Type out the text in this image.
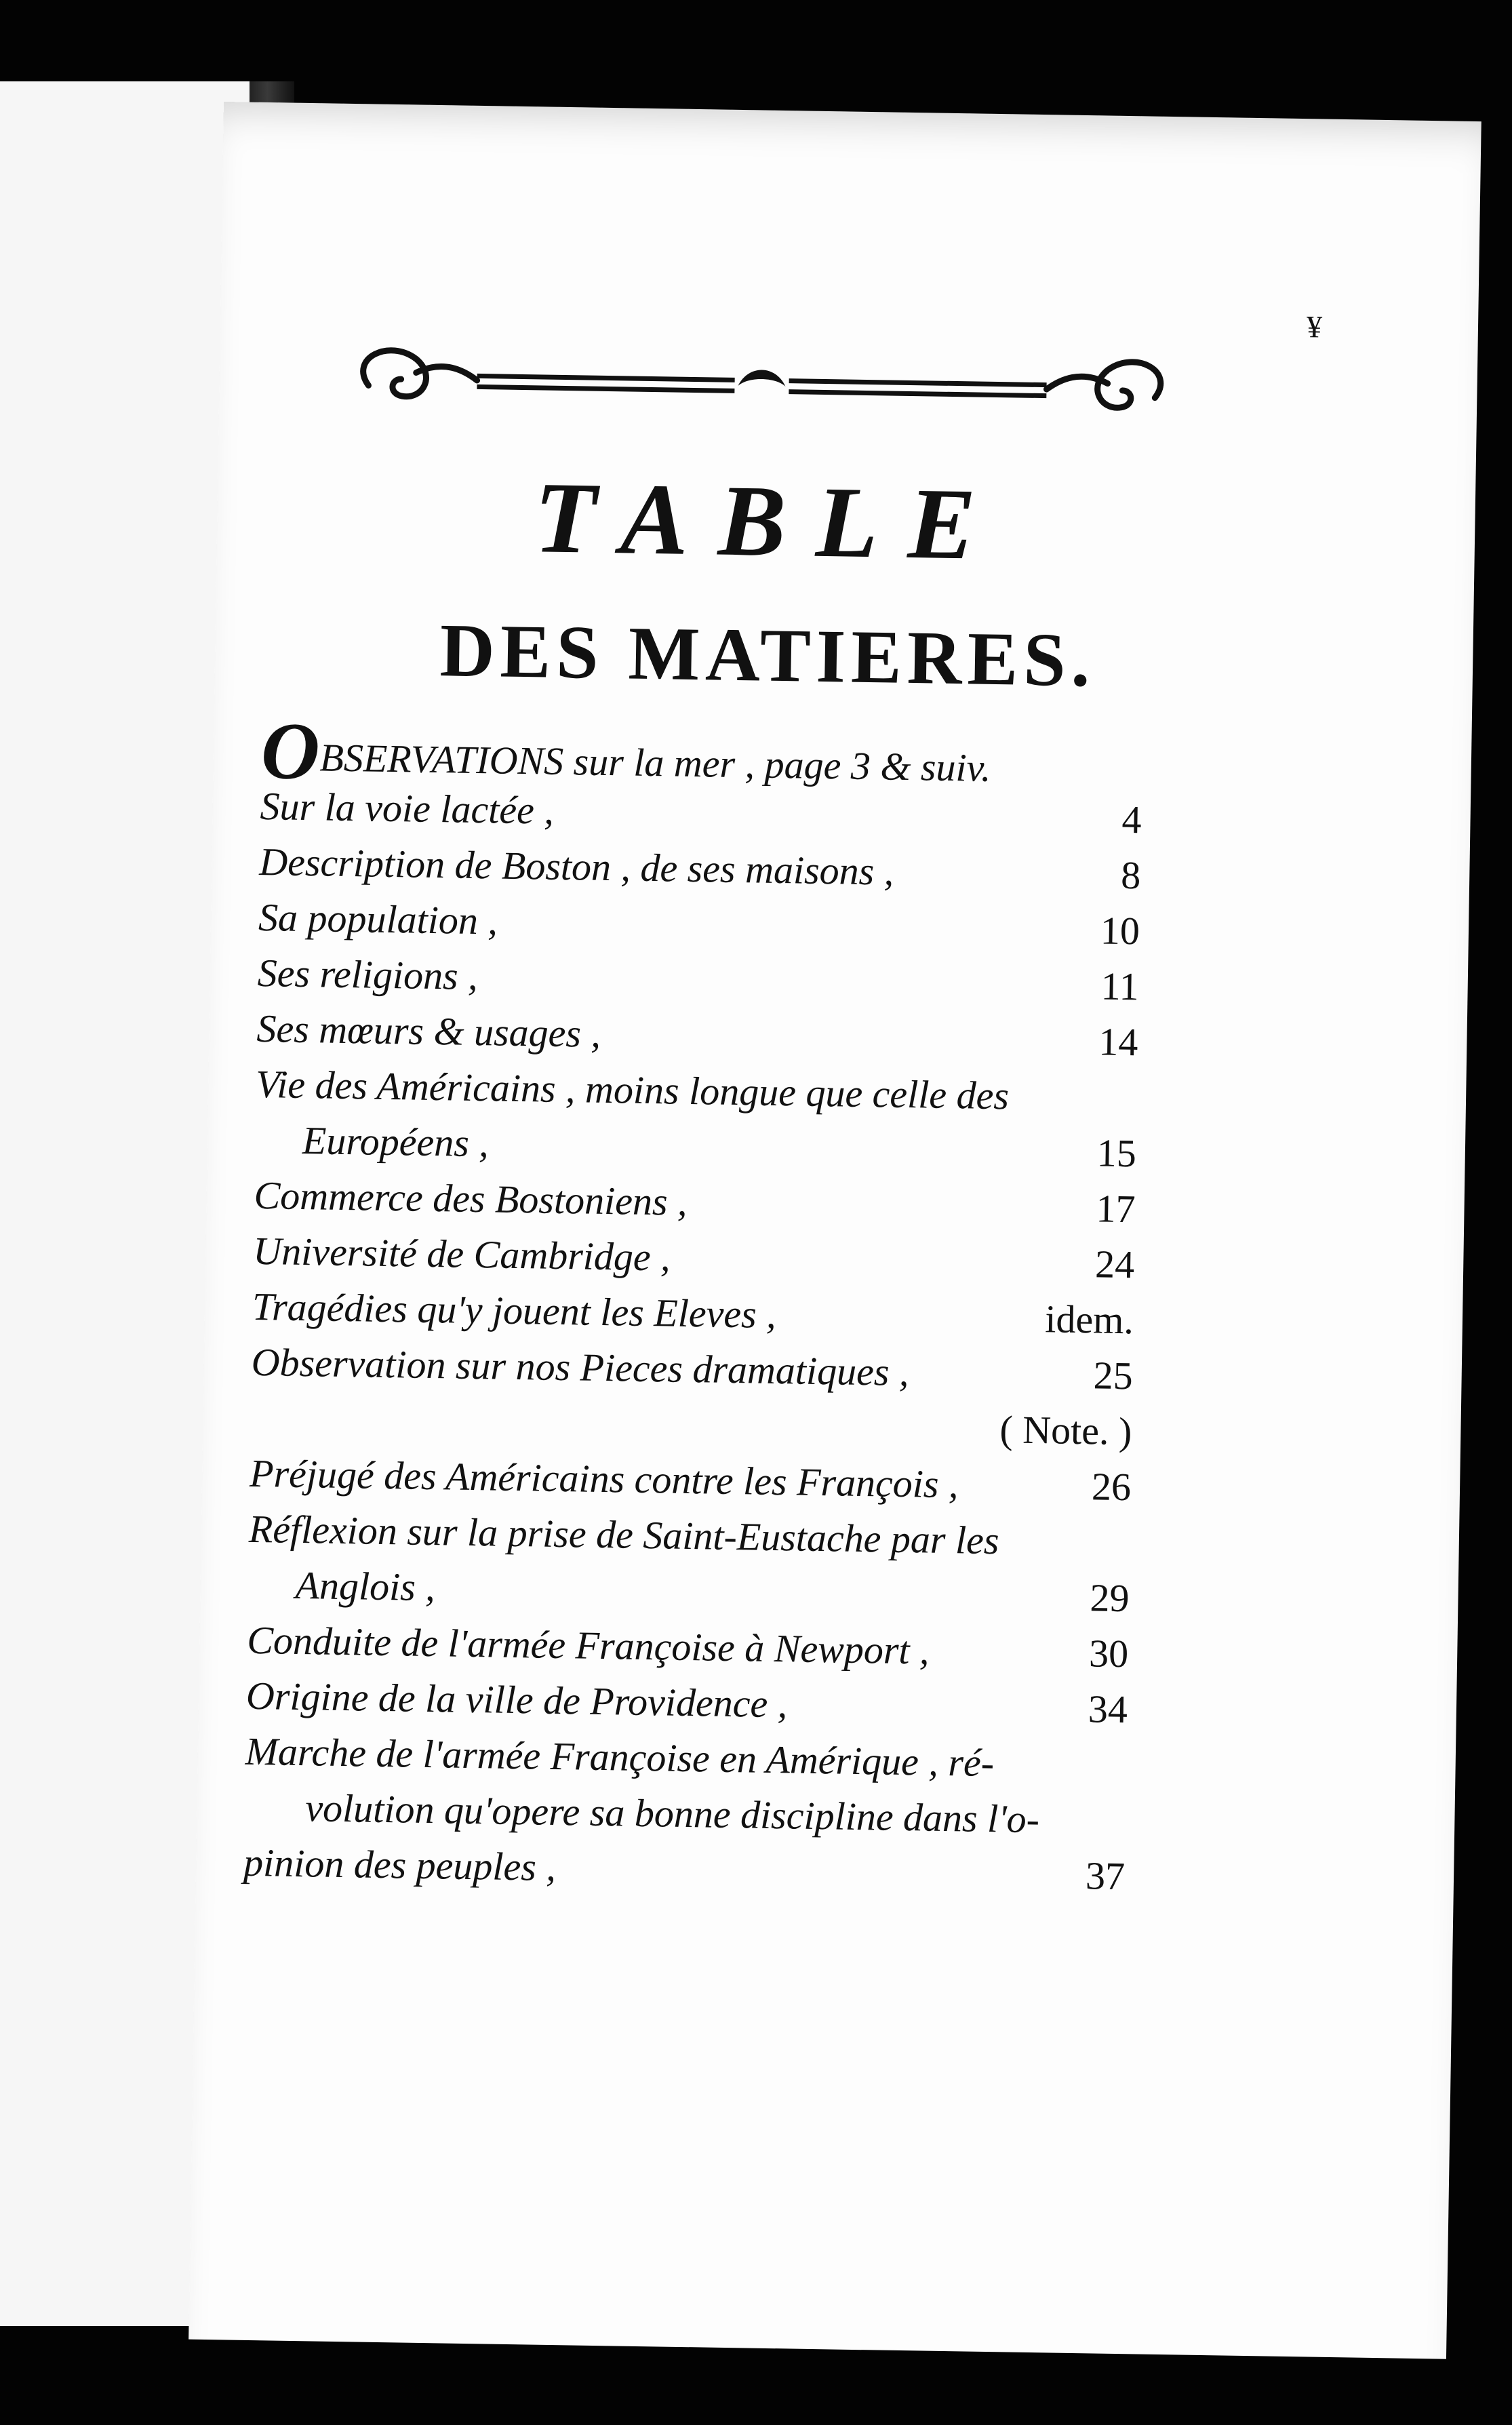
¥
TABLE
DES MATIERES.
OBSERVATIONS sur la mer , page 3 & suiv.
Sur la voie lactée ,	4
Description de Boston , de ses maisons ,	8
Sa population ,	10
Ses religions ,	11
Ses mœurs & usages ,	14
Vie des Américains , moins longue que celle des
Européens ,	15
Commerce des Bostoniens ,	17
Université de Cambridge ,	24
Tragédies qu'y jouent les Eleves ,	idem.
Observation sur nos Pieces dramatiques ,	25
( Note. )
Préjugé des Américains contre les François ,	26
Réflexion sur la prise de Saint-Eustache par les
Anglois ,	29
Conduite de l'armée Françoise à Newport ,	30
Origine de la ville de Providence ,	34
Marche de l'armée Françoise en Amérique , ré-
volution qu'opere sa bonne discipline dans l'o-
pinion des peuples ,	37
